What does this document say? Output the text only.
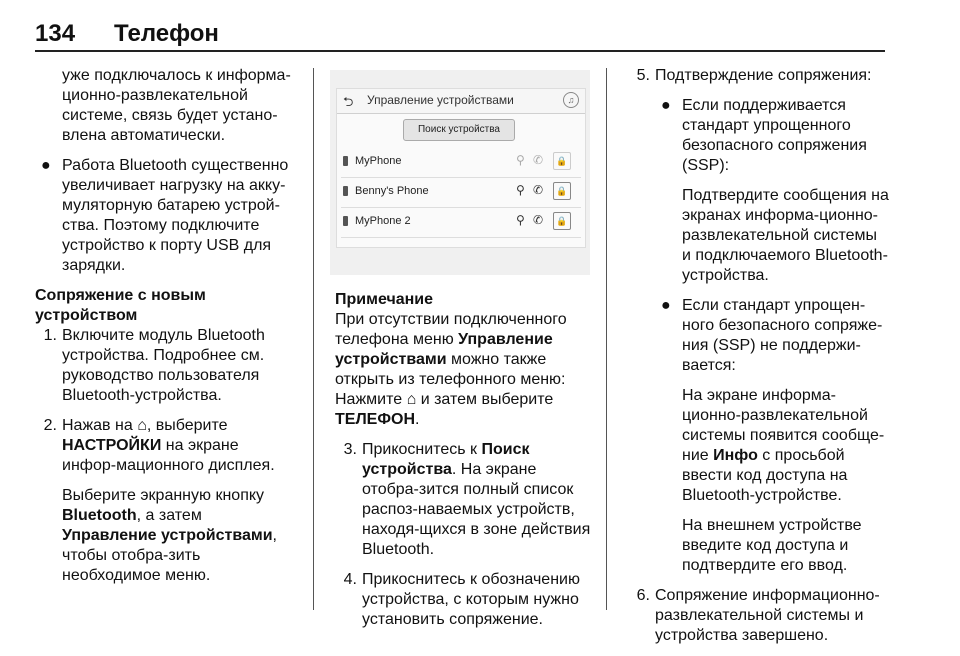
134 Телефон

уже подключалось к информа-ционно-развлекательной системе, связь будет устано-влена автоматически.

● Работа Bluetooth существенно увеличивает нагрузку на акку-муляторную батарею устрой-ства. Поэтому подключите устройство к порту USB для зарядки.

Сопряжение с новым устройством

1. Включите модуль Bluetooth устройства. Подробнее см. руководство пользователя Bluetooth-устройства.
2. Нажав на ⌂, выберите НАСТРОЙКИ на экране инфор-мационного дисплея.

Выберите экранную кнопку Bluetooth, а затем Управление устройствами, чтобы отобра-зить необходимое меню.

⮌ Управление устройствами	♫
Поиск устройства
MyPhone	⚲ ✆	🔒
Benny's Phone	⚲ ✆	🔒
MyPhone 2	⚲ ✆	🔒

Примечание

При отсутствии подключенного телефона меню Управление устройствами можно также открыть из телефонного меню: Нажмите ⌂ и затем выберите ТЕЛЕФОН.

3. Прикоснитесь к Поиск устройства. На экране отобра-зится полный список распоз-наваемых устройств, находя-щихся в зоне действия Bluetooth.
4. Прикоснитесь к обозначению устройства, с которым нужно установить сопряжение.
5. Подтверждение сопряжения:
● Если поддерживается стандарт упрощенного безопасного сопряжения (SSP):

Подтвердите сообщения на экранах информа-ционно-развлекательной системы и подключаемого Bluetooth-устройства.

● Если стандарт упрощен-ного безопасного сопряже-ния (SSP) не поддержи-вается:

На экране информа-ционно-развлекательной системы появится сообще-ние Инфо с просьбой ввести код доступа на Bluetooth-устройстве.

На внешнем устройстве введите код доступа и подтвердите его ввод.

6. Сопряжение информационно-развлекательной системы и устройства завершено.
